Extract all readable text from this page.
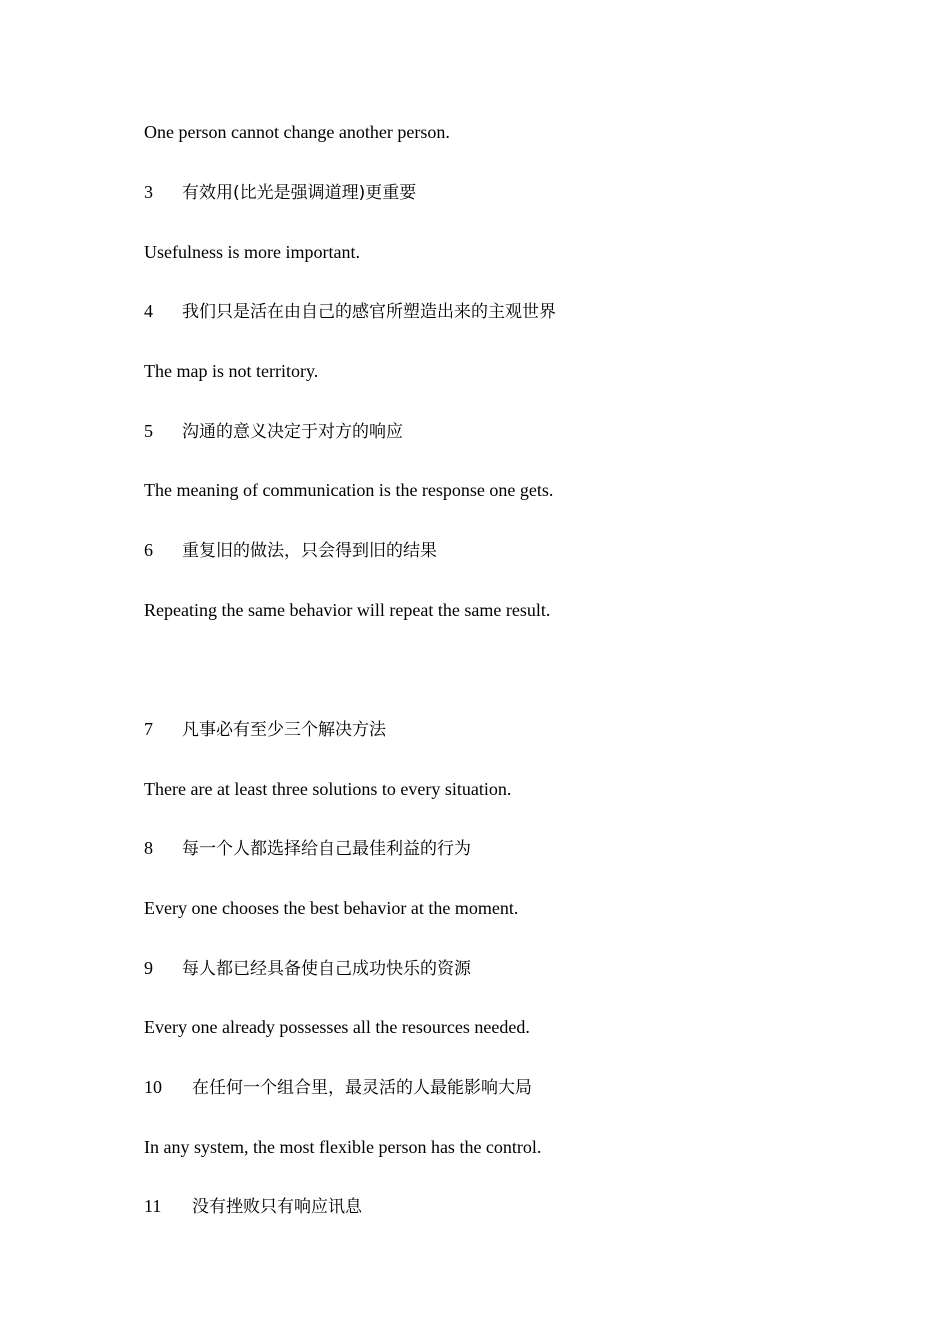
One person cannot change another person.
3 有效用(比光是强调道理)更重要
Usefulness is more important.
4 我们只是活在由自己的感官所塑造出来的主观世界
The map is not territory.
5 沟通的意义决定于对方的响应
The meaning of communication is the response one gets.
6 重复旧的做法，只会得到旧的结果
Repeating the same behavior will repeat the same result.
7 凡事必有至少三个解决方法
There are at least three solutions to every situation.
8 每一个人都选择给自己最佳利益的行为
Every one chooses the best behavior at the moment.
9 每人都已经具备使自己成功快乐的资源
Every one already possesses all the resources needed.
10 在任何一个组合里，最灵活的人最能影响大局
In any system, the most flexible person has the control.
11 没有挫败只有响应讯息
